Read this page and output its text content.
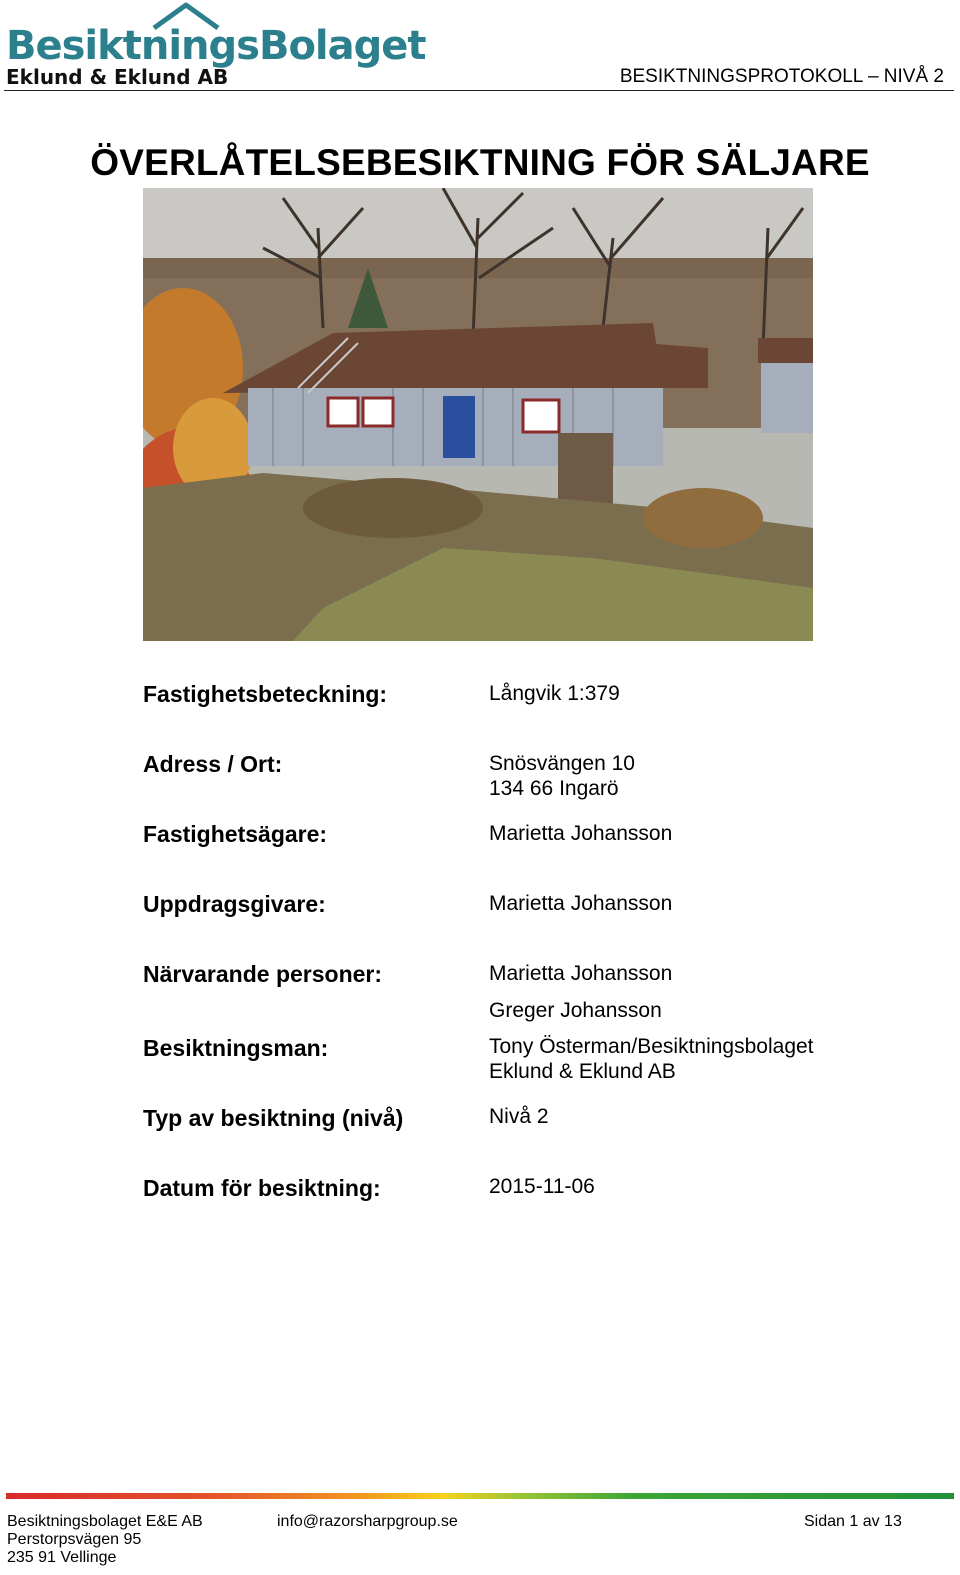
BesiktningsBolaget
Eklund & Eklund AB	BESIKTNINGSPROTOKOLL – NIVÅ 2
ÖVERLÅTELSEBESIKTNING FÖR SÄLJARE
Fastighetsbeteckning:	Långvik 1:379
Adress / Ort:	Snösvängen 10
134 66 Ingarö
Fastighetsägare:	Marietta Johansson
Uppdragsgivare:	Marietta Johansson
Närvarande personer:	Marietta Johansson
Greger Johansson
Besiktningsman:	Tony Österman/Besiktningsbolaget
Eklund & Eklund AB
Typ av besiktning (nivå)	Nivå 2
Datum för besiktning:	2015-11-06
Besiktningsbolaget E&E AB
Perstorpsvägen 95
235 91 Vellinge
info@razorsharpgroup.se	Sidan 1 av 13
